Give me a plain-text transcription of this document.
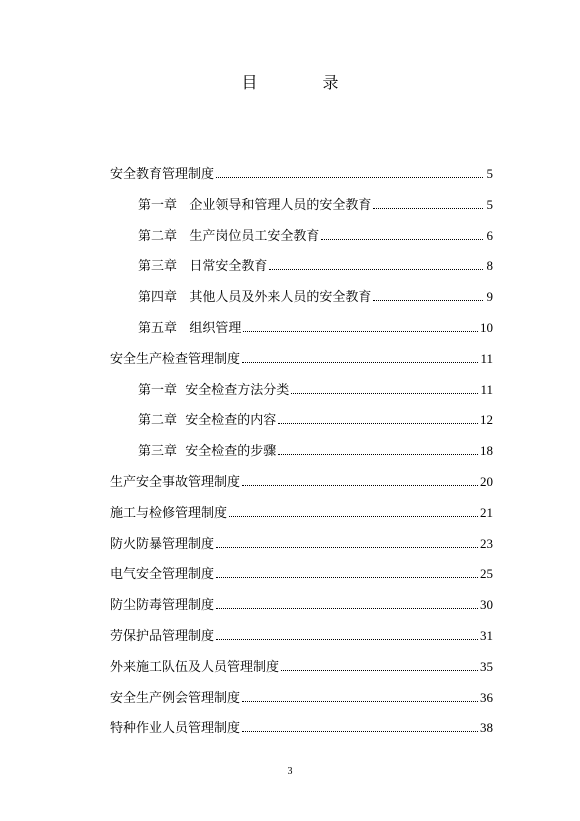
目 录
安全教育管理制度	5
第一章   企业领导和管理人员的安全教育	5
第二章   生产岗位员工安全教育	6
第三章   日常安全教育	8
第四章   其他人员及外来人员的安全教育	9
第五章   组织管理	10
安全生产检查管理制度	11
第一章  安全检查方法分类	11
第二章  安全检查的内容	12
第三章  安全检查的步骤	18
生产安全事故管理制度	20
施工与检修管理制度	21
防火防暴管理制度	23
电气安全管理制度	25
防尘防毒管理制度	30
劳保护品管理制度	31
外来施工队伍及人员管理制度	35
安全生产例会管理制度	36
特种作业人员管理制度	38
3
